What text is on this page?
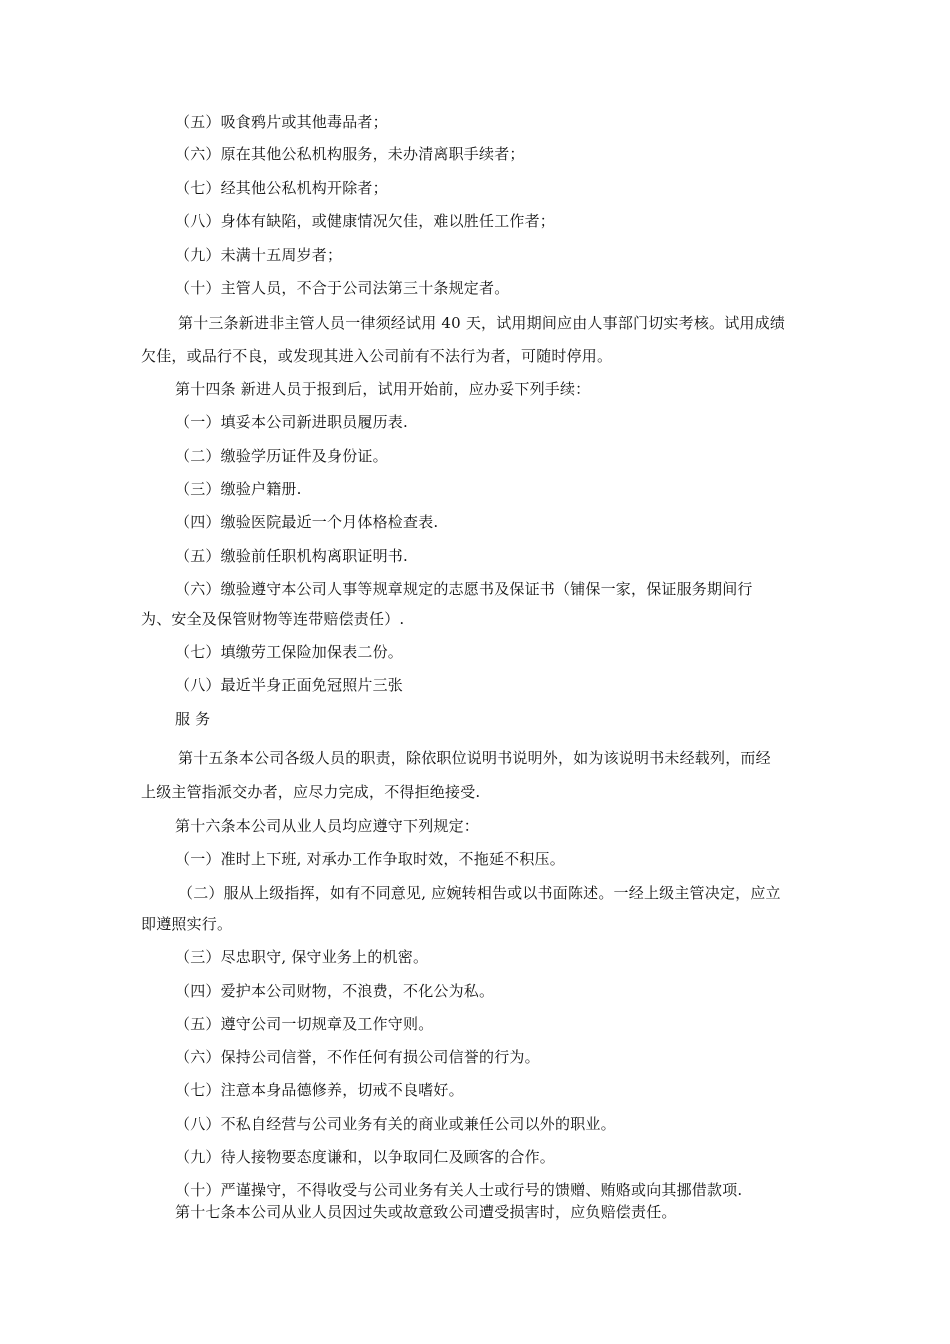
（五）吸食鸦片或其他毒品者；
（六）原在其他公私机构服务，未办清离职手续者；
（七）经其他公私机构开除者；
（八）身体有缺陷，或健康情况欠佳，难以胜任工作者；
（九）未满十五周岁者；
（十）主管人员，不合于公司法第三十条规定者。
第十三条新进非主管人员一律须经试用 40 天，试用期间应由人事部门切实考核。试用成绩
欠佳，或品行不良，或发现其进入公司前有不法行为者，可随时停用。
第十四条 新进人员于报到后，试用开始前，应办妥下列手续：
（一）填妥本公司新进职员履历表.
（二）缴验学历证件及身份证。
（三）缴验户籍册.
（四）缴验医院最近一个月体格检查表.
（五）缴验前任职机构离职证明书.
（六）缴验遵守本公司人事等规章规定的志愿书及保证书（铺保一家，保证服务期间行
为、安全及保管财物等连带赔偿责任）.
（七）填缴劳工保险加保表二份。
（八）最近半身正面免冠照片三张
服 务
第十五条本公司各级人员的职责，除依职位说明书说明外，如为该说明书未经载列，而经
上级主管指派交办者，应尽力完成，不得拒绝接受.
第十六条本公司从业人员均应遵守下列规定：
（一）准时上下班, 对承办工作争取时效，不拖延不积压。
（二）服从上级指挥，如有不同意见, 应婉转相告或以书面陈述。一经上级主管决定，应立
即遵照实行。
（三）尽忠职守, 保守业务上的机密。
（四）爱护本公司财物，不浪费，不化公为私。
（五）遵守公司一切规章及工作守则。
（六）保持公司信誉，不作任何有损公司信誉的行为。
（七）注意本身品德修养，切戒不良嗜好。
（八）不私自经营与公司业务有关的商业或兼任公司以外的职业。
（九）待人接物要态度谦和，以争取同仁及顾客的合作。
（十）严谨操守，不得收受与公司业务有关人士或行号的馈赠、贿赂或向其挪借款项.
第十七条本公司从业人员因过失或故意致公司遭受损害时，应负赔偿责任。
